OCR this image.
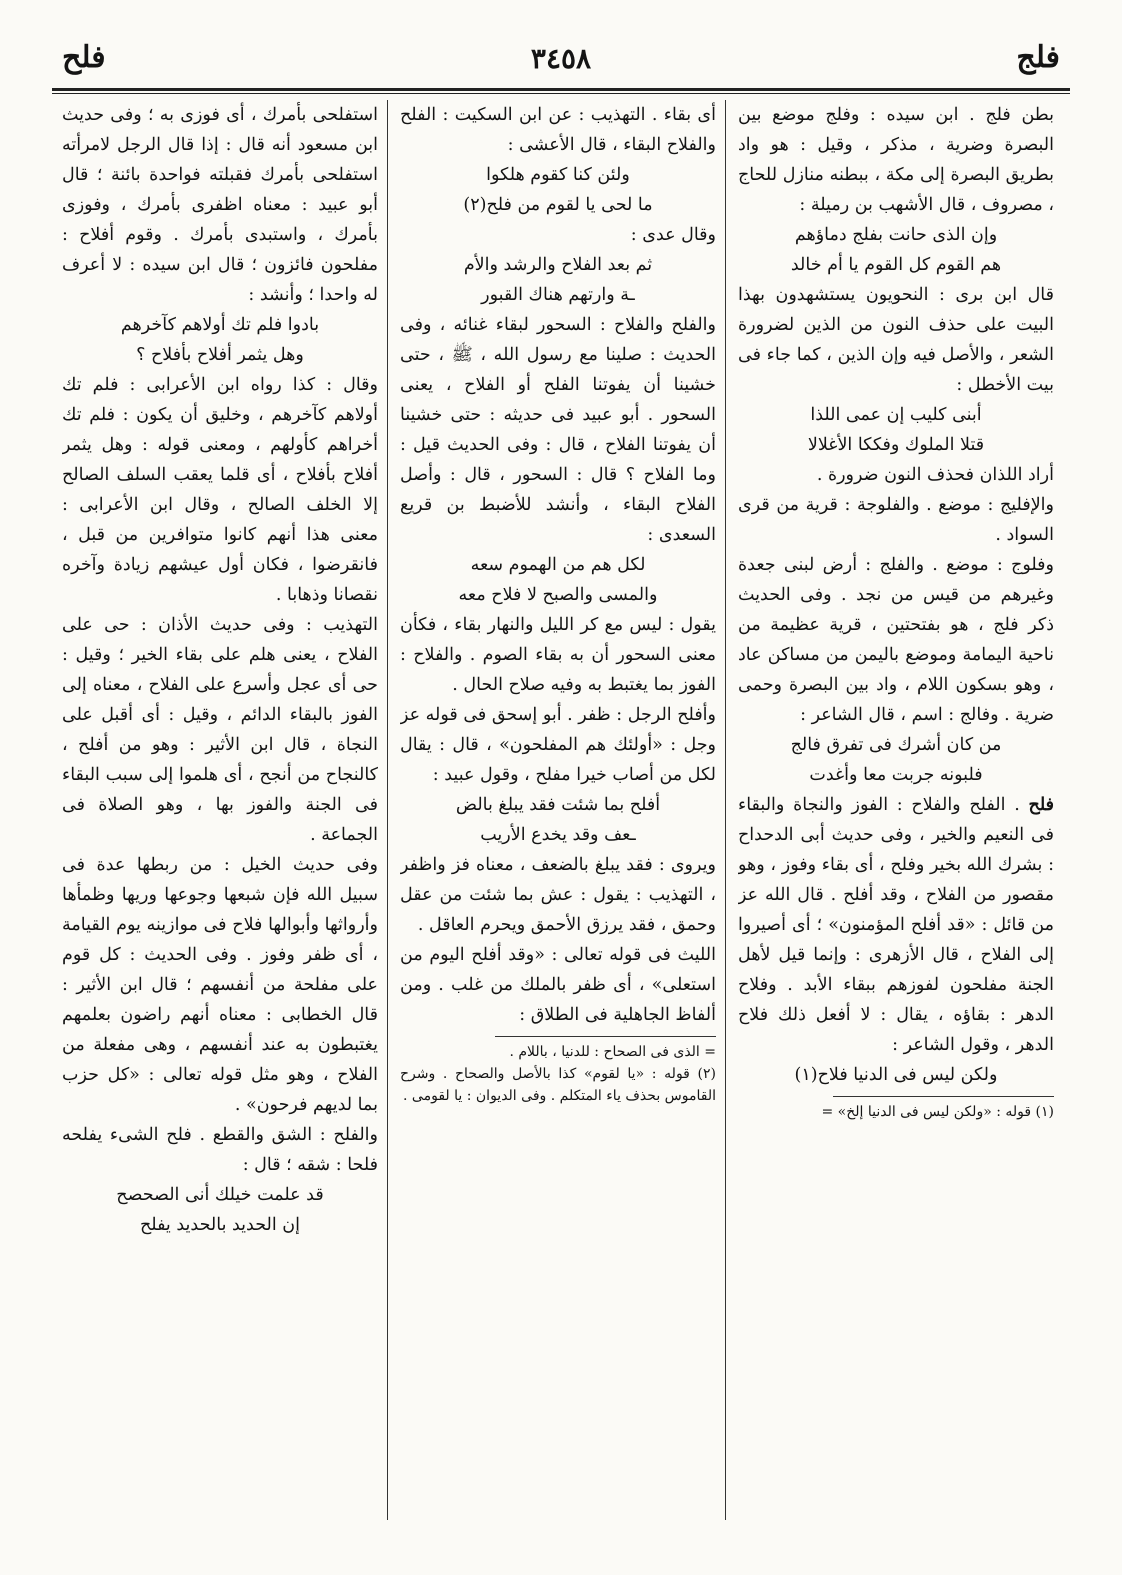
فلج
٣٤٥٨
فلح

بطن فلج . ابن سيده : وفلج موضع بين البصرة وضرية ، مذكر ، وقيل : هو واد بطريق البصرة إلى مكة ، ببطنه منازل للحاج ، مصروف ، قال الأشهب بن رميلة :

وإن الذى حانت بفلج دماؤهم

هم القوم كل القوم يا أم خالد

قال ابن برى : النحويون يستشهدون بهذا البيت على حذف النون من الذين لضرورة الشعر ، والأصل فيه وإن الذين ، كما جاء فى بيت الأخطل :

أبنى كليب إن عمى اللذا

قتلا الملوك وفككا الأغلالا

أراد اللذان فحذف النون ضرورة .

والإفليج : موضع . والفلوجة : قرية من قرى السواد .

وفلوج : موضع . والفلج : أرض لبنى جعدة وغيرهم من قيس من نجد . وفى الحديث ذكر فلج ، هو بفتحتين ، قرية عظيمة من ناحية اليمامة وموضع باليمن من مساكن عاد ، وهو بسكون اللام ، واد بين البصرة وحمى ضرية . وفالج : اسم ، قال الشاعر :

من كان أشرك فى تفرق فالج

فلبونه جربت معا وأغدت

فلح . الفلح والفلاح : الفوز والنجاة والبقاء فى النعيم والخير ، وفى حديث أبى الدحداح : بشرك الله بخير وفلح ، أى بقاء وفوز ، وهو مقصور من الفلاح ، وقد أفلح . قال الله عز من قائل : «قد أفلح المؤمنون» ؛ أى أصيروا إلى الفلاح ، قال الأزهرى : وإنما قيل لأهل الجنة مفلحون لفوزهم ببقاء الأبد . وفلاح الدهر : بقاؤه ، يقال : لا أفعل ذلك فلاح الدهر ، وقول الشاعر :

ولكن ليس فى الدنيا فلاح(١)

(١) قوله : «ولكن ليس فى الدنيا إلخ» =

أى بقاء . التهذيب : عن ابن السكيت : الفلح والفلاح البقاء ، قال الأعشى :

ولئن كنا كقوم هلكوا

ما لحى يا لقوم من فلح(٢)

وقال عدى :

ثم بعد الفلاح والرشد والأم

ـة وارتهم هناك القبور

والفلح والفلاح : السحور لبقاء غنائه ، وفى الحديث : صلينا مع رسول الله ، ﷺ ، حتى خشينا أن يفوتنا الفلح أو الفلاح ، يعنى السحور . أبو عبيد فى حديثه : حتى خشينا أن يفوتنا الفلاح ، قال : وفى الحديث قيل : وما الفلاح ؟ قال : السحور ، قال : وأصل الفلاح البقاء ، وأنشد للأضبط بن قريع السعدى :

لكل هم من الهموم سعه

والمسى والصبح لا فلاح معه

يقول : ليس مع كر الليل والنهار بقاء ، فكأن معنى السحور أن به بقاء الصوم . والفلاح : الفوز بما يغتبط به وفيه صلاح الحال .

وأفلح الرجل : ظفر . أبو إسحق فى قوله عز وجل : «أولئك هم المفلحون» ، قال : يقال لكل من أصاب خيرا مفلح ، وقول عبيد :

أفلح بما شئت فقد يبلغ بالض

ـعف وقد يخدع الأريب

ويروى : فقد يبلغ بالضعف ، معناه فز واظفر ، التهذيب : يقول : عش بما شئت من عقل وحمق ، فقد يرزق الأحمق ويحرم العاقل .

الليث فى قوله تعالى : «وقد أفلح اليوم من استعلى» ، أى ظفر بالملك من غلب . ومن ألفاظ الجاهلية فى الطلاق :

= الذى فى الصحاح : للدنيا ، باللام .

(٢) قوله : «يا لقوم» كذا بالأصل والصحاح . وشرح القاموس بحذف ياء المتكلم . وفى الديوان : يا لقومى .

استفلحى بأمرك ، أى فوزى به ؛ وفى حديث ابن مسعود أنه قال : إذا قال الرجل لامرأته استفلحى بأمرك فقبلته فواحدة بائنة ؛ قال أبو عبيد : معناه اظفرى بأمرك ، وفوزى بأمرك ، واستبدى بأمرك . وقوم أفلاح : مفلحون فائزون ؛ قال ابن سيده : لا أعرف له واحدا ؛ وأنشد :

بادوا فلم تك أولاهم كآخرهم

وهل يثمر أفلاح بأفلاح ؟

وقال : كذا رواه ابن الأعرابى : فلم تك أولاهم كآخرهم ، وخليق أن يكون : فلم تك أخراهم كأولهم ، ومعنى قوله : وهل يثمر أفلاح بأفلاح ، أى قلما يعقب السلف الصالح إلا الخلف الصالح ، وقال ابن الأعرابى : معنى هذا أنهم كانوا متوافرين من قبل ، فانقرضوا ، فكان أول عيشهم زيادة وآخره نقصانا وذهابا .

التهذيب : وفى حديث الأذان : حى على الفلاح ، يعنى هلم على بقاء الخير ؛ وقيل : حى أى عجل وأسرع على الفلاح ، معناه إلى الفوز بالبقاء الدائم ، وقيل : أى أقبل على النجاة ، قال ابن الأثير : وهو من أفلح ، كالنجاح من أنجح ، أى هلموا إلى سبب البقاء فى الجنة والفوز بها ، وهو الصلاة فى الجماعة .

وفى حديث الخيل : من ربطها عدة فى سبيل الله فإن شبعها وجوعها وريها وظمأها وأرواثها وأبوالها فلاح فى موازينه يوم القيامة ، أى ظفر وفوز . وفى الحديث : كل قوم على مفلحة من أنفسهم ؛ قال ابن الأثير : قال الخطابى : معناه أنهم راضون بعلمهم يغتبطون به عند أنفسهم ، وهى مفعلة من الفلاح ، وهو مثل قوله تعالى : «كل حزب بما لديهم فرحون» .

والفلح : الشق والقطع . فلح الشىء يفلحه فلحا : شقه ؛ قال :

قد علمت خيلك أنى الصحصح

إن الحديد بالحديد يفلح
